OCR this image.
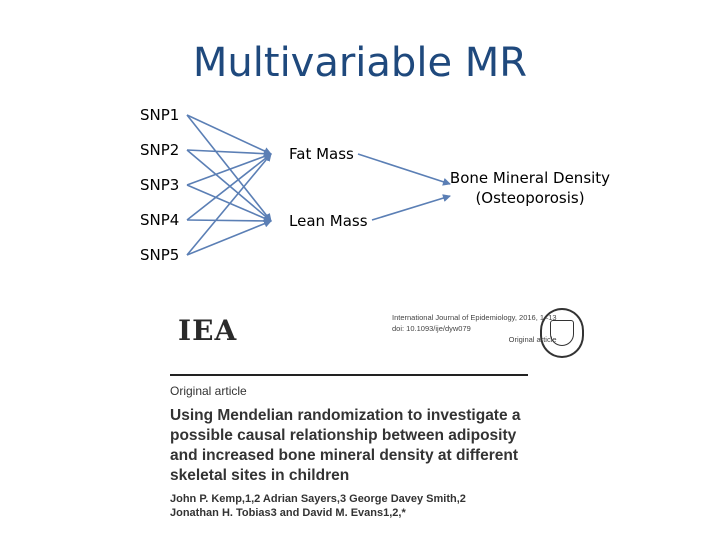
Multivariable MR
SNP1
SNP2
SNP3
SNP4
SNP5
Fat Mass
Lean Mass
Bone Mineral Density
(Osteoporosis)
IEA	International Journal of Epidemiology, 2016, 1–13
doi: 10.1093/ije/dyw079
Original article
Original article
Using Mendelian randomization to investigate a possible causal relationship between adiposity and increased bone mineral density at different skeletal sites in children
John P. Kemp,1,2 Adrian Sayers,3 George Davey Smith,2
Jonathan H. Tobias3 and David M. Evans1,2,*
